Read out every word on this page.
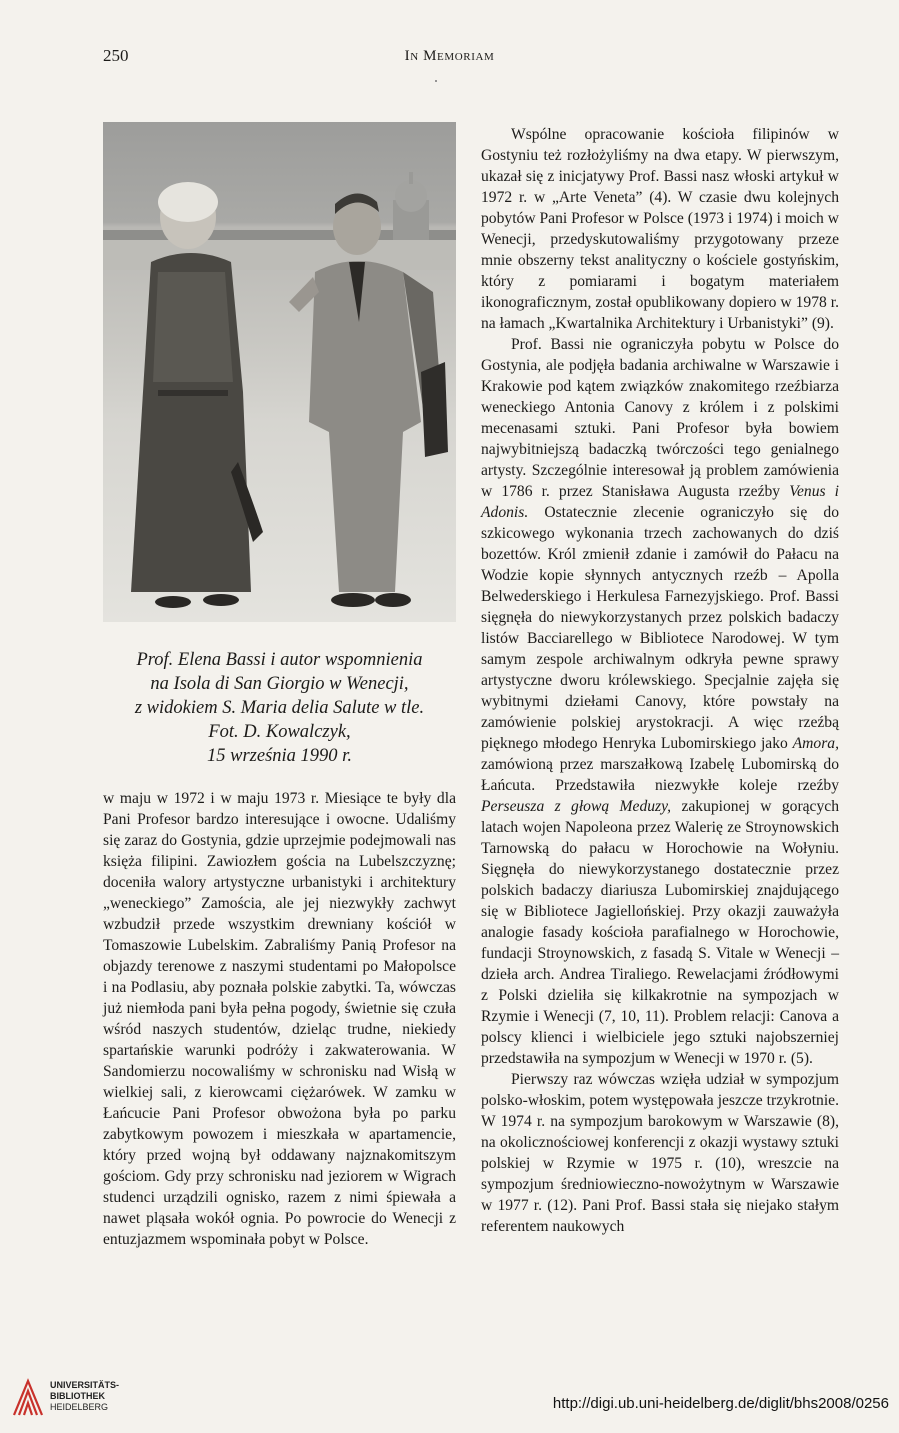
250	In Memoriam
Prof. Elena Bassi i autor wspomnienia
na Isola di San Giorgio w Wenecji,
z widokiem S. Maria delia Salute w tle.
Fot. D. Kowalczyk,
15 września 1990 r.

w maju w 1972 i w maju 1973 r. Miesiące te były dla Pani Profesor bardzo interesujące i owocne. Udaliśmy się zaraz do Gostynia, gdzie uprzejmie podejmowali nas księża filipini. Zawiozłem gościa na Lubelszczyznę; doceniła walory artystyczne urbanistyki i architektury „weneckiego” Zamościa, ale jej niezwykły zachwyt wzbudził przede wszystkim drewniany kościół w Tomaszowie Lubelskim. Zabraliśmy Panią Profesor na objazdy terenowe z naszymi studentami po Małopolsce i na Podlasiu, aby poznała polskie zabytki. Ta, wówczas już niemłoda pani była pełna pogody, świetnie się czuła wśród naszych studentów, dzieląc trudne, niekiedy spartańskie warunki podróży i zakwaterowania. W Sandomierzu nocowaliśmy w schronisku nad Wisłą w wielkiej sali, z kierowcami ciężarówek. W zamku w Łańcucie Pani Profesor obwożona była po parku zabytkowym powozem i mieszkała w apartamencie, który przed wojną był oddawany najznakomitszym gościom. Gdy przy schronisku nad jeziorem w Wigrach studenci urządzili ognisko, razem z nimi śpiewała a nawet pląsała wokół ognia. Po powrocie do Wenecji z entuzjazmem wspominała pobyt w Polsce.

Wspólne opracowanie kościoła filipinów w Gostyniu też rozłożyliśmy na dwa etapy. W pierwszym, ukazał się z inicjatywy Prof. Bassi nasz włoski artykuł w 1972 r. w „Arte Veneta” (4). W czasie dwu kolejnych pobytów Pani Profesor w Polsce (1973 i 1974) i moich w Wenecji, przedyskutowaliśmy przygotowany przeze mnie obszerny tekst analityczny o kościele gostyńskim, który z pomiarami i bogatym materiałem ikonograficznym, został opublikowany dopiero w 1978 r. na łamach „Kwartalnika Architektury i Urbanistyki” (9).

Prof. Bassi nie ograniczyła pobytu w Polsce do Gostynia, ale podjęła badania archiwalne w Warszawie i Krakowie pod kątem związków znakomitego rzeźbiarza weneckiego Antonia Canovy z królem i z polskimi mecenasami sztuki. Pani Profesor była bowiem najwybitniejszą badaczką twórczości tego genialnego artysty. Szczególnie interesował ją problem zamówienia w 1786 r. przez Stanisława Augusta rzeźby Venus i Adonis. Ostatecznie zlecenie ograniczyło się do szkicowego wykonania trzech zachowanych do dziś bozettów. Król zmienił zdanie i zamówił do Pałacu na Wodzie kopie słynnych antycznych rzeźb – Apolla Belwederskiego i Herkulesa Farnezyjskiego. Prof. Bassi sięgnęła do niewykorzystanych przez polskich badaczy listów Bacciarellego w Bibliotece Narodowej. W tym samym zespole archiwalnym odkryła pewne sprawy artystyczne dworu królewskiego. Specjalnie zajęła się wybitnymi dziełami Canovy, które powstały na zamówienie polskiej arystokracji. A więc rzeźbą pięknego młodego Henryka Lubomirskiego jako Amora, zamówioną przez marszałkową Izabelę Lubomirską do Łańcuta. Przedstawiła niezwykłe koleje rzeźby Perseusza z głową Meduzy, zakupionej w gorących latach wojen Napoleona przez Walerię ze Stroynowskich Tarnowską do pałacu w Horochowie na Wołyniu. Sięgnęła do niewykorzystanego dostatecznie przez polskich badaczy diariusza Lubomirskiej znajdującego się w Bibliotece Jagiellońskiej. Przy okazji zauważyła analogie fasady kościoła parafialnego w Horochowie, fundacji Stroynowskich, z fasadą S. Vitale w Wenecji – dzieła arch. Andrea Tiraliego. Rewelacjami źródłowymi z Polski dzieliła się kilkakrotnie na sympozjach w Rzymie i Wenecji (7, 10, 11). Problem relacji: Canova a polscy klienci i wielbiciele jego sztuki najobszerniej przedstawiła na sympozjum w Wenecji w 1970 r. (5).

Pierwszy raz wówczas wzięła udział w sympozjum polsko-włoskim, potem występowała jeszcze trzykrotnie. W 1974 r. na sympozjum barokowym w Warszawie (8), na okolicznościowej konferencji z okazji wystawy sztuki polskiej w Rzymie w 1975 r. (10), wreszcie na sympozjum średniowieczno-nowożytnym w Warszawie w 1977 r. (12). Pani Prof. Bassi stała się niejako stałym referentem naukowych

UNIVERSITÄTS-
BIBLIOTHEK
HEIDELBERG	http://digi.ub.uni-heidelberg.de/diglit/bhs2008/0256
